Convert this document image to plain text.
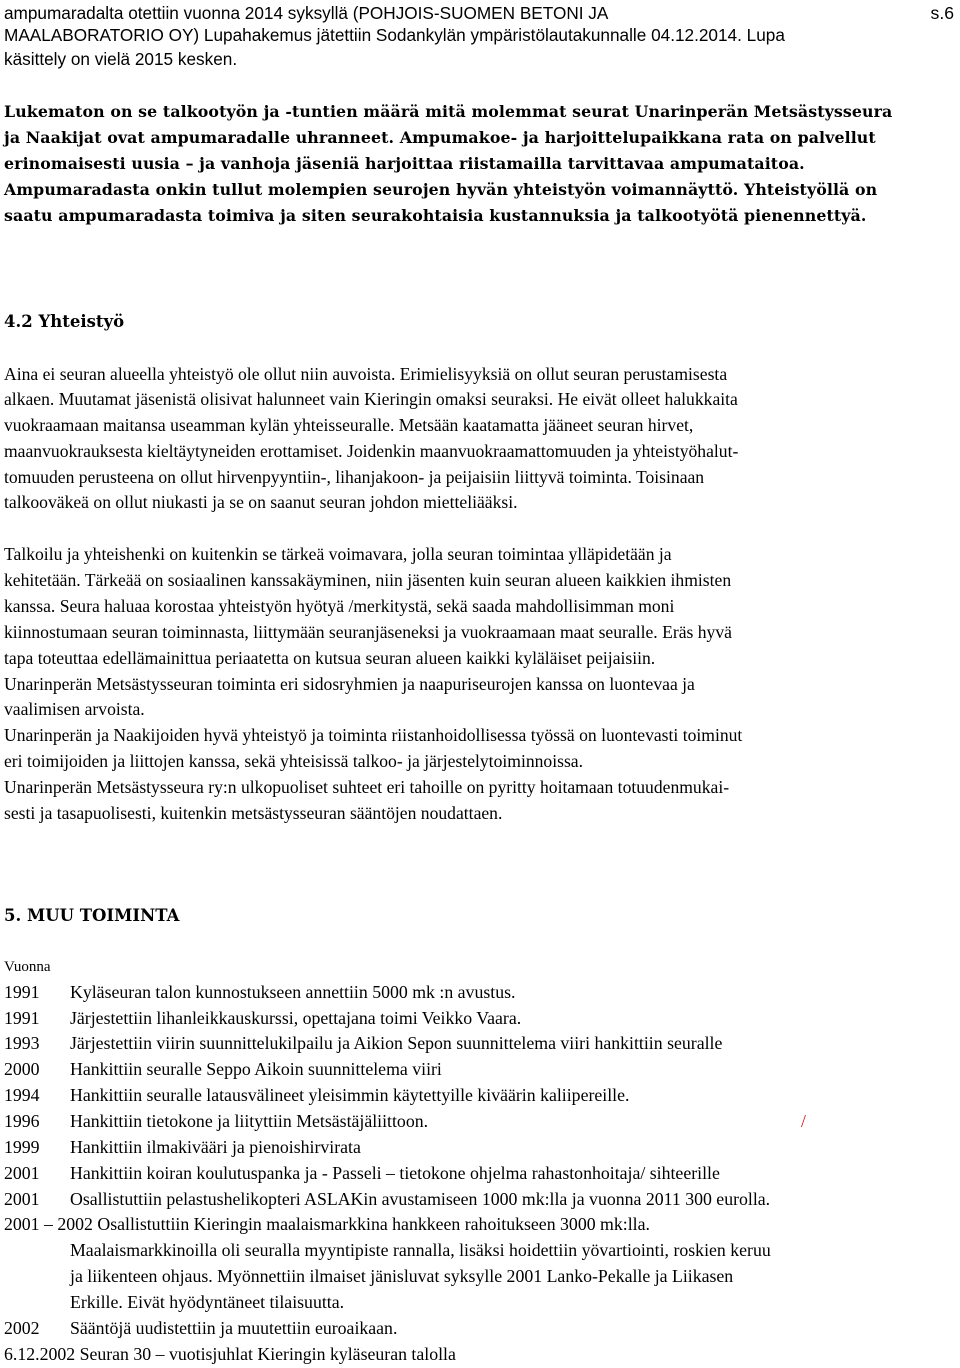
s.6
ampumaradalta otettiin vuonna 2014 syksyllä (POHJOIS-SUOMEN BETONI JA
MAALABORATORIO OY) Lupahakemus jätettiin Sodankylän ympäristölautakunnalle 04.12.2014. Lupa
käsittely on vielä 2015 kesken.
Lukematon on se talkootyön ja -tuntien määrä mitä molemmat seurat Unarinperän Metsästysseura
ja Naakijat ovat ampumaradalle uhranneet. Ampumakoe- ja harjoittelupaikkana rata on palvellut
erinomaisesti uusia – ja vanhoja jäseniä harjoittaa riistamailla tarvittavaa ampumataitoa.
Ampumaradasta onkin tullut molempien seurojen hyvän yhteistyön voimannäyttö. Yhteistyöllä on
saatu ampumaradasta toimiva ja siten seurakohtaisia kustannuksia ja talkootyötä pienennettyä.
4.2 Yhteistyö
Aina ei seuran alueella yhteistyö ole ollut niin auvoista. Erimielisyyksiä on ollut seuran perustamisesta
alkaen. Muutamat jäsenistä olisivat halunneet vain Kieringin omaksi seuraksi. He eivät olleet halukkaita
vuokraamaan maitansa useamman kylän yhteisseuralle. Metsään kaatamatta jääneet seuran hirvet,
maanvuokrauksesta kieltäytyneiden erottamiset. Joidenkin maanvuokraamattomuuden ja yhteistyöhalut-
tomuuden perusteena on ollut hirvenpyyntiin-, lihanjakoon- ja peijaisiin liittyvä toiminta. Toisinaan
talkooväkeä on ollut niukasti ja se on saanut seuran johdon mietteliääksi.
Talkoilu ja yhteishenki on kuitenkin se tärkeä voimavara, jolla seuran toimintaa ylläpidetään ja
kehitetään. Tärkeää on sosiaalinen kanssakäyminen, niin jäsenten kuin seuran alueen kaikkien ihmisten
kanssa. Seura haluaa korostaa yhteistyön hyötyä /merkitystä, sekä saada mahdollisimman moni
kiinnostumaan seuran toiminnasta, liittymään seuranjäseneksi ja vuokraamaan maat seuralle. Eräs hyvä
tapa toteuttaa edellämainittua periaatetta on kutsua seuran alueen kaikki kyläläiset peijaisiin.
Unarinperän Metsästysseuran toiminta eri sidosryhmien ja naapuriseurojen kanssa on luontevaa ja
vaalimisen arvoista.
Unarinperän ja Naakijoiden hyvä yhteistyö ja toiminta riistanhoidollisessa työssä on luontevasti toiminut
eri toimijoiden ja liittojen kanssa, sekä yhteisissä talkoo- ja järjestelytoiminnoissa.
Unarinperän Metsästysseura ry:n ulkopuoliset suhteet eri tahoille on pyritty hoitamaan totuudenmukai-
sesti ja tasapuolisesti, kuitenkin metsästysseuran sääntöjen noudattaen.
5. MUU TOIMINTA
Vuonna
1991 Kyläseuran talon kunnostukseen annettiin 5000 mk :n avustus.
1991 Järjestettiin lihanleikkauskurssi, opettajana toimi Veikko Vaara.
1993 Järjestettiin viirin suunnittelukilpailu ja Aikion Sepon suunnittelema viiri hankittiin seuralle
2000 Hankittiin seuralle Seppo Aikoin suunnittelema viiri
1994 Hankittiin seuralle latausvälineet yleisimmin käytettyille kiväärin kaliipereille.
1996 Hankittiin tietokone ja liityttiin Metsästäjäliittoon.	/
1999 Hankittiin ilmakivääri ja pienoishirvirata
2001 Hankittiin koiran koulutuspanka ja - Passeli – tietokone ohjelma rahastonhoitaja/ sihteerille
2001 Osallistuttiin pelastushelikopteri ASLAKin avustamiseen 1000 mk:lla ja vuonna 2011 300 eurolla.
2001 – 2002 Osallistuttiin Kieringin maalaismarkkina hankkeen rahoitukseen 3000 mk:lla.
Maalaismarkkinoilla oli seuralla myyntipiste rannalla, lisäksi hoidettiin yövartiointi, roskien keruu
ja liikenteen ohjaus. Myönnettiin ilmaiset jänisluvat syksylle 2001 Lanko-Pekalle ja Liikasen
Erkille. Eivät hyödyntäneet tilaisuutta.
2002 Sääntöjä uudistettiin ja muutettiin euroaikaan.
6.12.2002 Seuran 30 – vuotisjuhlat Kieringin kyläseuran talolla
